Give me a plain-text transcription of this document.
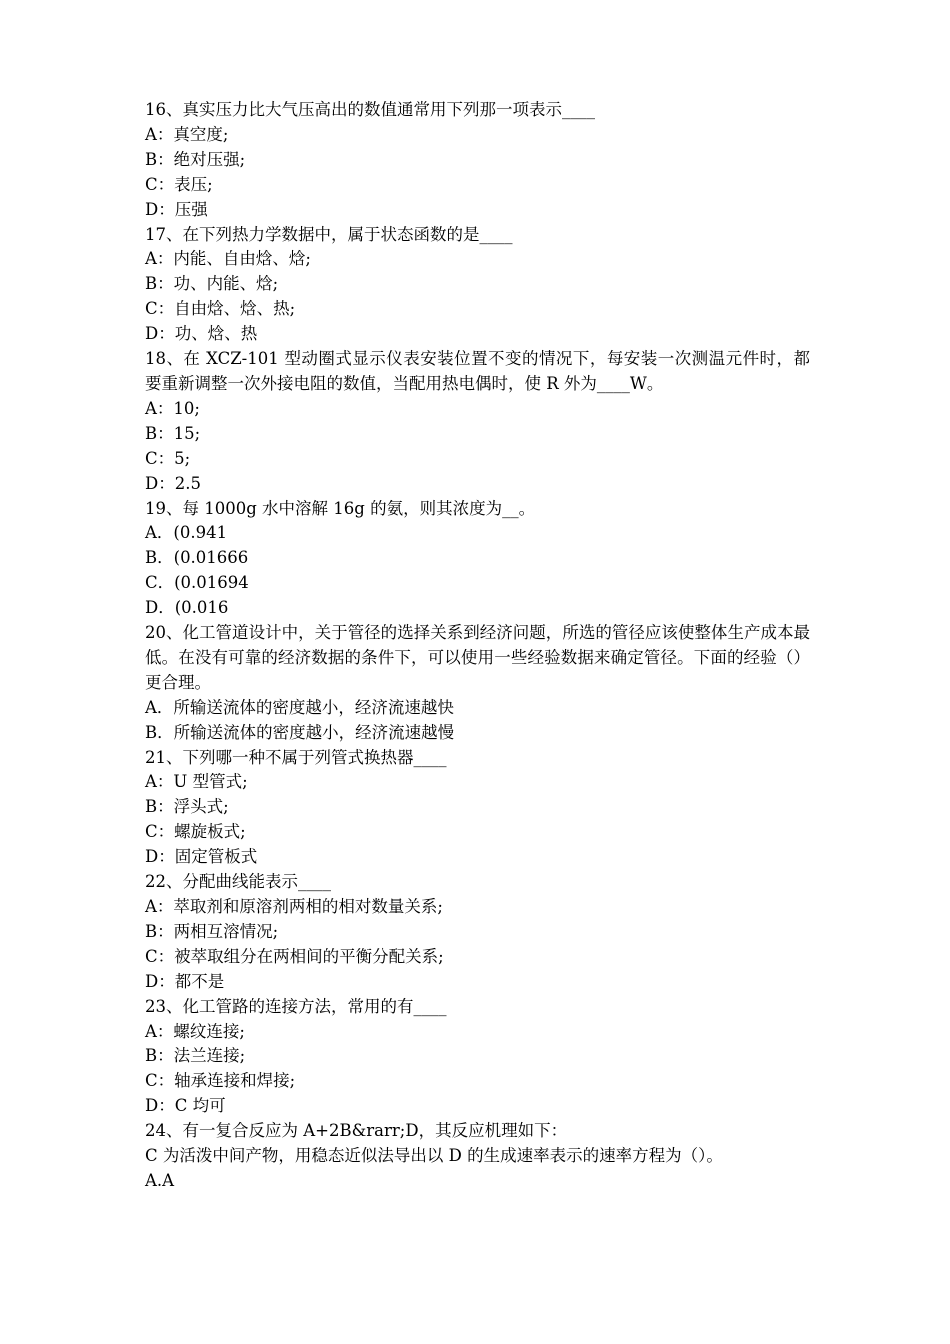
16、真实压力比大气压高出的数值通常用下列那一项表示____
A：真空度;
B：绝对压强;
C：表压;
D：压强
17、在下列热力学数据中，属于状态函数的是____
A：内能、自由焓、焓;
B：功、内能、焓;
C：自由焓、焓、热;
D：功、焓、热
18、在 XCZ-101 型动圈式显示仪表安装位置不变的情况下，每安装一次测温元件时，都要重新调整一次外接电阻的数值，当配用热电偶时，使 R 外为____W。
A：10;
B：15;
C：5;
D：2.5
19、每 1000g 水中溶解 16g 的氨，则其浓度为__。
A．(0.941
B．(0.01666
C．(0.01694
D．(0.016
20、化工管道设计中，关于管径的选择关系到经济问题，所选的管径应该使整体生产成本最低。在没有可靠的经济数据的条件下，可以使用一些经验数据来确定管径。下面的经验（）更合理。
A．所输送流体的密度越小，经济流速越快
B．所输送流体的密度越小，经济流速越慢
21、下列哪一种不属于列管式换热器____
A：U 型管式;
B：浮头式;
C：螺旋板式;
D：固定管板式
22、分配曲线能表示____
A：萃取剂和原溶剂两相的相对数量关系;
B：两相互溶情况;
C：被萃取组分在两相间的平衡分配关系;
D：都不是
23、化工管路的连接方法，常用的有____
A：螺纹连接;
B：法兰连接;
C：轴承连接和焊接;
D：C 均可
24、有一复合反应为 A+2B&rarr;D，其反应机理如下：
C 为活泼中间产物，用稳态近似法导出以 D 的生成速率表示的速率方程为（）。
A.A
